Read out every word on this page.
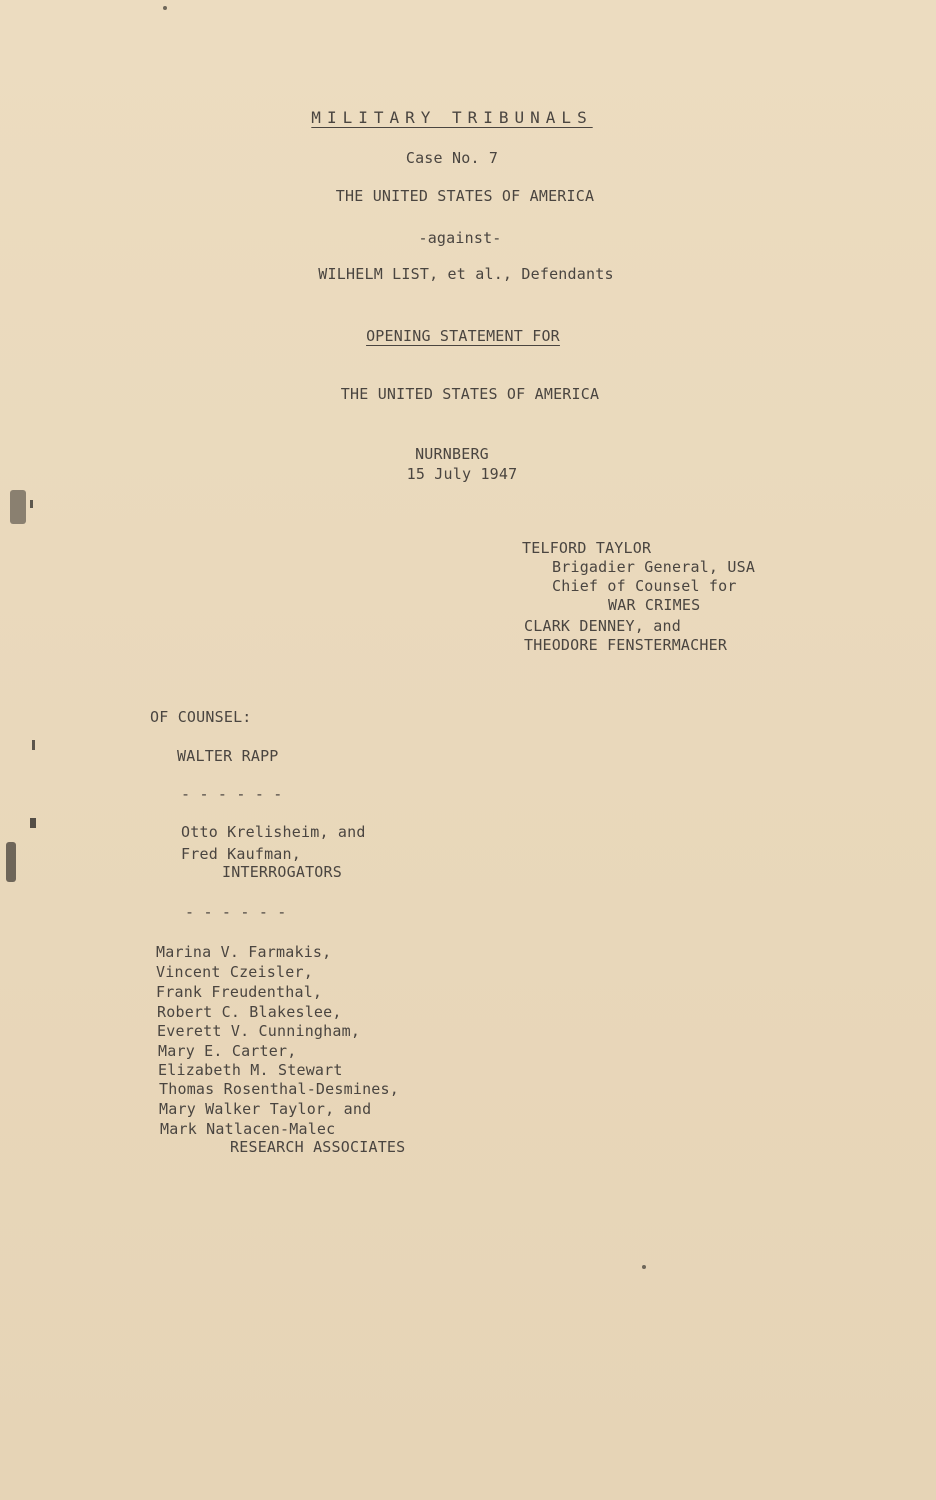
MILITARY TRIBUNALS
Case No. 7
THE UNITED STATES OF AMERICA
-against-
WILHELM LIST, et al., Defendants
OPENING STATEMENT FOR
THE UNITED STATES OF AMERICA
NURNBERG
15 July 1947
TELFORD TAYLOR
Brigadier General, USA
Chief of Counsel for
WAR CRIMES
CLARK DENNEY, and
THEODORE FENSTERMACHER
OF COUNSEL:
WALTER RAPP
- - - - - -
Otto Krelisheim, and
Fred Kaufman,
INTERROGATORS
- - - - - -
Marina V. Farmakis,
Vincent Czeisler,
Frank Freudenthal,
Robert C. Blakeslee,
Everett V. Cunningham,
Mary E. Carter,
Elizabeth M. Stewart
Thomas Rosenthal-Desmines,
Mary Walker Taylor, and
Mark Natlacen-Malec
RESEARCH ASSOCIATES
